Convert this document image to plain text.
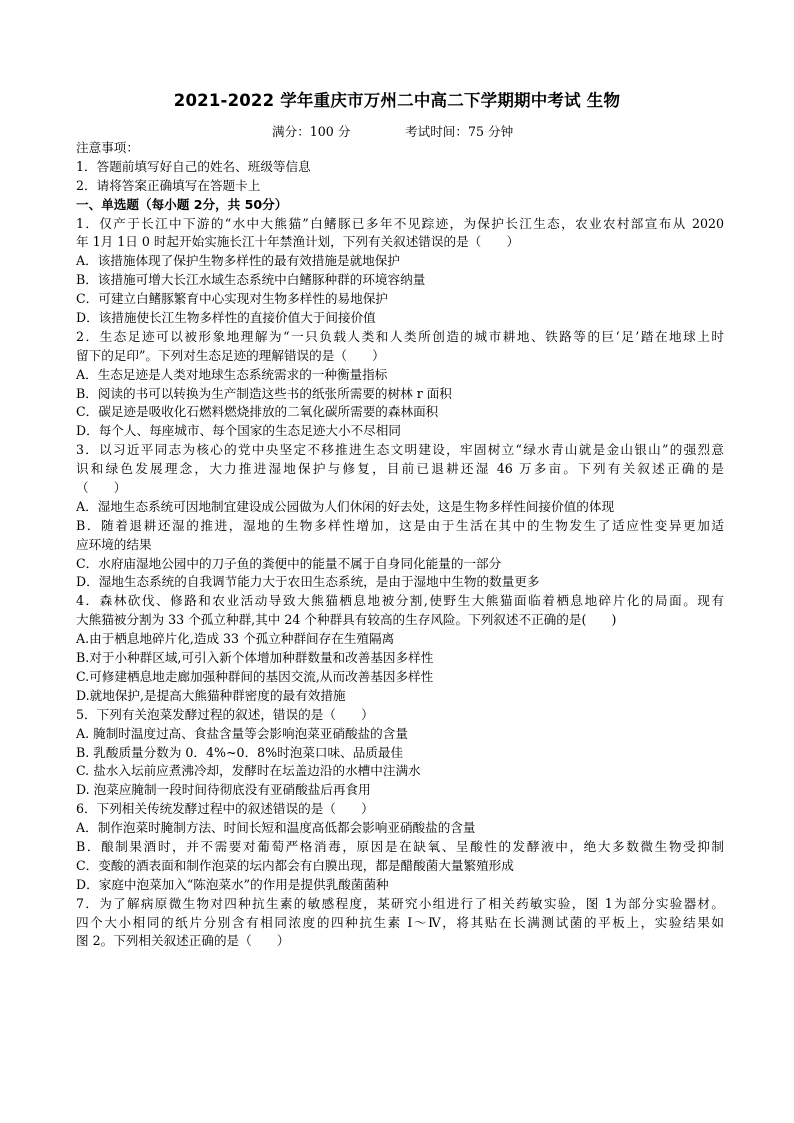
2021-2022 学年重庆市万州二中高二下学期期中考试 生物
满分：100 分	考试时间：75 分钟
注意事项：
1．答题前填写好自己的姓名、班级等信息
2．请将答案正确填写在答题卡上
一、单选题（每小题 2分，共 50分）
1．仅产于长江中下游的“水中大熊猫”白鳍豚已多年不见踪迹，为保护长江生态，农业农村部宣布从 2020
年 1月 1日 0 时起开始实施长江十年禁渔计划，下列有关叙述错误的是（　　）
A．该措施体现了保护生物多样性的最有效措施是就地保护
B．该措施可增大长江水域生态系统中白鳍豚种群的环境容纳量
C．可建立白鳍豚繁育中心实现对生物多样性的易地保护
D．该措施使长江生物多样性的直接价值大于间接价值
2．生态足迹可以被形象地理解为“一只负载人类和人类所创造的城市耕地、铁路等的巨‘足’踏在地球上时
留下的足印”。下列对生态足迹的理解错误的是（　　）
A．生态足迹是人类对地球生态系统需求的一种衡量指标
B．阅读的书可以转换为生产制造这些书的纸张所需要的树林 r 面积
C．碳足迹是吸收化石燃料燃烧排放的二氧化碳所需要的森林面积
D．每个人、每座城市、每个国家的生态足迹大小不尽相同
3．以习近平同志为核心的党中央坚定不移推进生态文明建设，牢固树立“绿水青山就是金山银山”的强烈意
识和绿色发展理念，大力推进湿地保护与修复，目前已退耕还湿 46 万多亩。下列有关叙述正确的是
（　　）
A．湿地生态系统可因地制宜建设成公园做为人们休闲的好去处，这是生物多样性间接价值的体现
B．随着退耕还湿的推进，湿地的生物多样性增加，这是由于生活在其中的生物发生了适应性变异更加适
应环境的结果
C．水府庙湿地公园中的刀子鱼的粪便中的能量不属于自身同化能量的一部分
D．湿地生态系统的自我调节能力大于农田生态系统，是由于湿地中生物的数量更多
4．森林砍伐、修路和农业活动导致大熊猫栖息地被分割,使野生大熊猫面临着栖息地碎片化的局面。现有
大熊猫被分割为 33 个孤立种群,其中 24 个种群具有较高的生存风险。下列叙述不正确的是(　　)
A.由于栖息地碎片化,造成 33 个孤立种群间存在生殖隔离
B.对于小种群区域,可引入新个体增加种群数量和改善基因多样性
C.可修建栖息地走廊加强种群间的基因交流,从而改善基因多样性
D.就地保护,是提高大熊猫种群密度的最有效措施
5．下列有关泡菜发酵过程的叙述，错误的是（　　）
A. 腌制时温度过高、食盐含量等会影响泡菜亚硝酸盐的含量
B. 乳酸质量分数为 0．4%~0．8%时泡菜口味、品质最佳
C. 盐水入坛前应煮沸冷却，发酵时在坛盖边沿的水槽中注满水
D. 泡菜应腌制一段时间待彻底没有亚硝酸盐后再食用
6．下列相关传统发酵过程中的叙述错误的是（　　）
A．制作泡菜时腌制方法、时间长短和温度高低都会影响亚硝酸盐的含量
B．酿制果酒时，并不需要对葡萄严格消毒，原因是在缺氧、呈酸性的发酵液中，绝大多数微生物受抑制
C．变酸的酒表面和制作泡菜的坛内都会有白膜出现，都是醋酸菌大量繁殖形成
D．家庭中泡菜加入“陈泡菜水”的作用是提供乳酸菌菌种
7．为了解病原微生物对四种抗生素的敏感程度，某研究小组进行了相关药敏实验，图 1为部分实验器材。
四个大小相同的纸片分别含有相同浓度的四种抗生素 I～Ⅳ，将其贴在长满测试菌的平板上，实验结果如
图 2。下列相关叙述正确的是（　　）
